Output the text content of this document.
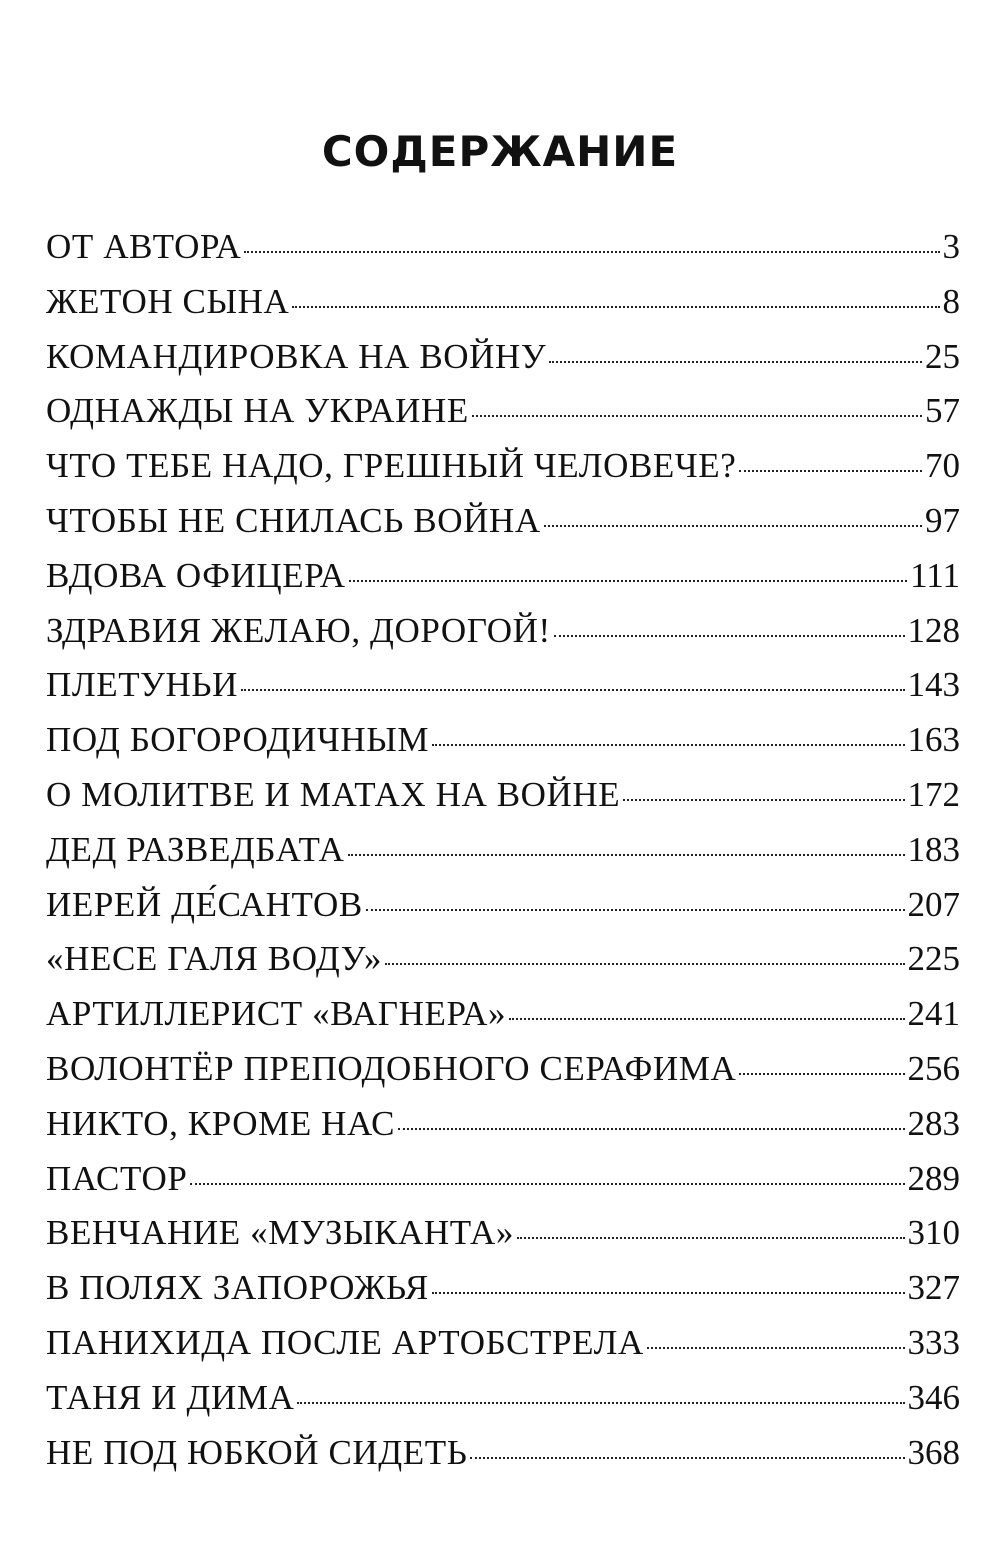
СОДЕРЖАНИЕ
ОТ АВТОРА	3
ЖЕТОН СЫНА	8
КОМАНДИРОВКА НА ВОЙНУ	25
ОДНАЖДЫ НА УКРАИНЕ	57
ЧТО ТЕБЕ НАДО, ГРЕШНЫЙ ЧЕЛОВЕЧЕ?	70
ЧТОБЫ НЕ СНИЛАСЬ ВОЙНА	97
ВДОВА ОФИЦЕРА	111
ЗДРАВИЯ ЖЕЛАЮ, ДОРОГОЙ!	128
ПЛЕТУНЬИ	143
ПОД БОГОРОДИЧНЫМ	163
О МОЛИТВЕ И МАТАХ НА ВОЙНЕ	172
ДЕД РАЗВЕДБАТА	183
ИЕРЕЙ ДЕ́САНТОВ	207
«НЕСЕ ГАЛЯ ВОДУ»	225
АРТИЛЛЕРИСТ «ВАГНЕРА»	241
ВОЛОНТЁР ПРЕПОДОБНОГО СЕРАФИМА	256
НИКТО, КРОМЕ НАС	283
ПАСТОР	289
ВЕНЧАНИЕ «МУЗЫКАНТА»	310
В ПОЛЯХ ЗАПОРОЖЬЯ	327
ПАНИХИДА ПОСЛЕ АРТОБСТРЕЛА	333
ТАНЯ И ДИМА	346
НЕ ПОД ЮБКОЙ СИДЕТЬ	368
